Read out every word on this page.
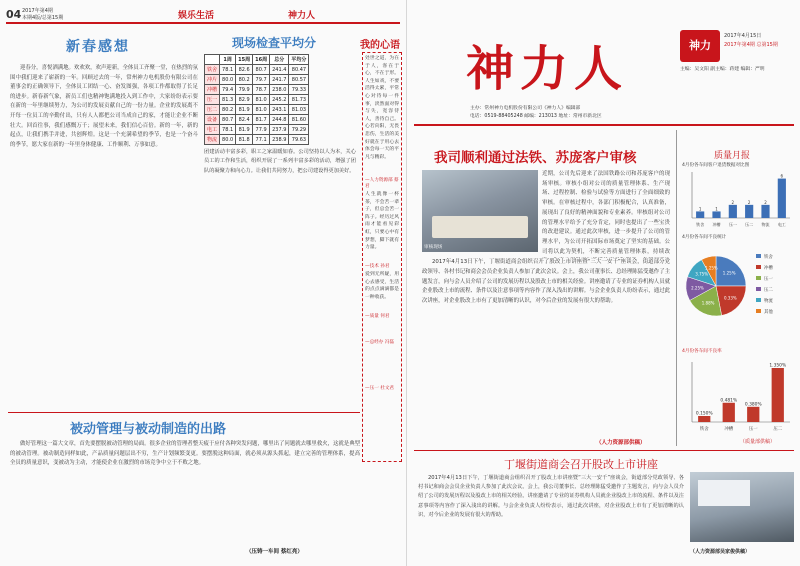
04 2017年第4期
本期4版/总第15期	娱乐生活	神力人
新春感想
迎春分，喜悦洒满地。欢欢欢，欢声迎新，全体员工齐聚一堂，在热烈的氛围中我们迎来了崭新的一年。回顾过去的一年，常州神力电机股份有限公司在董事会的正确领导下，全体员工团结一心、奋发图强，各项工作都取得了长足的进步。新春新气象，新员工们也精神饱满地投入到工作中，大家纷纷表示要在新的一年里继续努力，为公司的发展贡献自己的一份力量。企业的发展离不开每一位员工的辛勤付出，只有人人都把公司当成自己的家，才能让企业不断壮大。回首往事，我们感慨万千；展望未来，我们信心百倍。新的一年，新的起点，让我们携手并进，共创辉煌。这是一个充满希望的季节，也是一个奋斗的季节，愿大家在新的一年里身体健康、工作顺利、万事如意。
现场检查平均分
	1周	15周	16周	总分	平均分
铁舍	78.1	82.6	80.7	241.4	80.47
冲片	80.0	80.2	79.7	241.7	80.57
冲槽	79.4	79.9	78.7	238.0	79.33
压一	81.3	82.9	81.0	245.2	81.73
压二	80.2	81.9	81.0	243.1	81.03
设备	80.7	82.4	81.7	244.8	81.60
电工	78.1	81.9	77.9	237.9	79.29
物流	80.0	81.8	77.1	238.9	79.63
团建活动丰富多彩，职工之家温暖如春。公司坚持以人为本，关心员工的工作和生活，组织开展了一系列丰富多彩的活动，增强了团队的凝聚力和向心力。让我们共同努力，把公司建设得更加美好。
我的心语
处世之道，为在于人，客在于心，不在于形。人生如戏，不要活得太累，平常心对待每一件事，淡然面对得与失，宽容待人，善待自己。心若向阳，无畏悲伤，生活的美好就在于用心去体会每一天的平凡与精彩。
—人力资源部 蔡君
人生就像一杯茶，不会苦一辈子，但总会苦一阵子。经历过风雨才能看见彩虹，只要心中有梦想，脚下就有力量。
—技术 孙君
爱到无所疑，用心去感受，生活的点点滴滴都是一种收获。
—质量 何君
—总经办 冯磊
—压一 杜文君
被动管理与被动制造的出路
做好管理这一篇大文章，首先要摆脱被动管理的局面。很多企业的管理者整天疲于应付各种突发问题，哪里出了问题就去哪里救火，这就是典型的被动管理。被动制造同样如此，产品质量问题层出不穷，生产计划频繁变更。要摆脱这种局面，就必须从源头抓起，建立完善的管理体系，提高全员的质量意识，变被动为主动，才能使企业在激烈的市场竞争中立于不败之地。
（压铸一车间 蔡红亮）
神力人	神力
2017年4月15日
2017年第4期 总第15期
主编：吴文阳 副主编：蒋建 编辑：严明
主办：常州神力电机股份有限公司《神力人》编辑部
电话：0519-88405248 邮编：213013 地址：常州市新北区
我司顺利通过法铁、苏庞客户审核
审核现场
近期，公司先后迎来了法国铁路公司和苏庞客户的现场审核。审核小组对公司的质量管理体系、生产现场、过程控制、检验与试验等方面进行了全面细致的审核。在审核过程中，各部门积极配合，认真准备，展现出了良好的精神面貌和专业素养。审核组对公司的管理水平给予了充分肯定，同时也提出了一些宝贵的改进建议。通过此次审核，进一步提升了公司的管理水平，为公司开拓国际市场奠定了坚实的基础。公司将以此为契机，不断完善质量管理体系，持续改
2017年4月13日下午，丁堰街道商会组织召开了股改上市讲座暨“三大一安千”座谈会，街道部分党政领导、各村书记和商会会员企业负责人参加了此次会议。会上，我公司董事长、总经理陈猛受邀作了主题发言，向与会人员介绍了公司的发展历程以及股改上市的相关经验。讲座邀请了专业的证券机构人员就企业股改上市的流程、条件以及注意事项等内容作了深入浅出的讲解。与会企业负责人纷纷表示，通过此次讲座，对企业股改上市有了更加清晰的认识，对今后企业的发展有很大的帮助。
（人力资源部供稿）
质量月报
4月份各车间客户退货数据对比图
1
铁舍
1
冲槽
2
压一
2
压二
2
物流
6
电工
4月份各车间不良统计
1.25%
铁舍
0.33%
冲槽
1.88%
压一
2.25%
压二
3.75%
物流
1.25%
其他
4月份各车间不良率
0.150%
铁舍
0.481%
冲槽
0.380%
压一
1.350%
压二
（质量部供稿）
丁堰街道商会召开股改上市讲座
2017年4月13日下午，丁堰街道商会组织召开了股改上市讲座暨“三大一安千”座谈会，街道部分党政领导、各村书记和商会会员企业负责人参加了此次会议。会上，我公司董事长、总经理陈猛受邀作了主题发言，向与会人员介绍了公司的发展历程以及股改上市的相关经验。讲座邀请了专业的证券机构人员就企业股改上市的流程、条件以及注意事项等内容作了深入浅出的讲解。与会企业负责人纷纷表示，通过此次讲座，对企业股改上市有了更加清晰的认识，对今后企业的发展有很大的帮助。
（人力资源部吴家俊供稿）
